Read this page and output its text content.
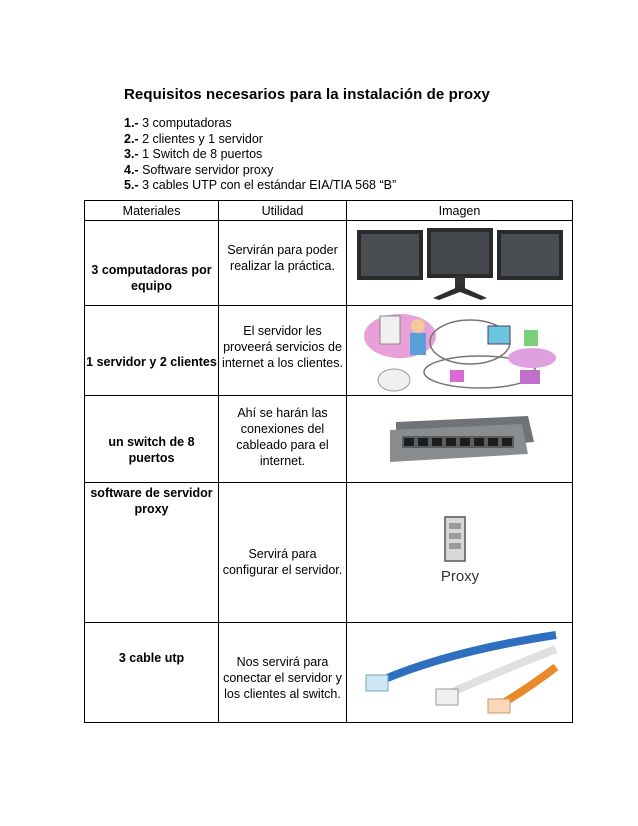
Requisitos necesarios para la instalación de proxy
1.- 3 computadoras
2.- 2 clientes y 1 servidor
3.- 1 Switch de 8 puertos
4.- Software servidor proxy
5.- 3 cables UTP con el estándar EIA/TIA 568 “B”
Materiales	Utilidad	Imagen
3 computadoras por equipo	Servirán para poder realizar la práctica.	

1 servidor y 2 clientes	El servidor les proveerá servicios de internet a los clientes.	

un switch de 8 puertos	Ahí se harán las conexiones del cableado para el internet.	

software de servidor proxy	Servirá para configurar el servidor.	Proxy

3 cable utp	Nos servirá para conectar el servidor y los clientes al switch.	
